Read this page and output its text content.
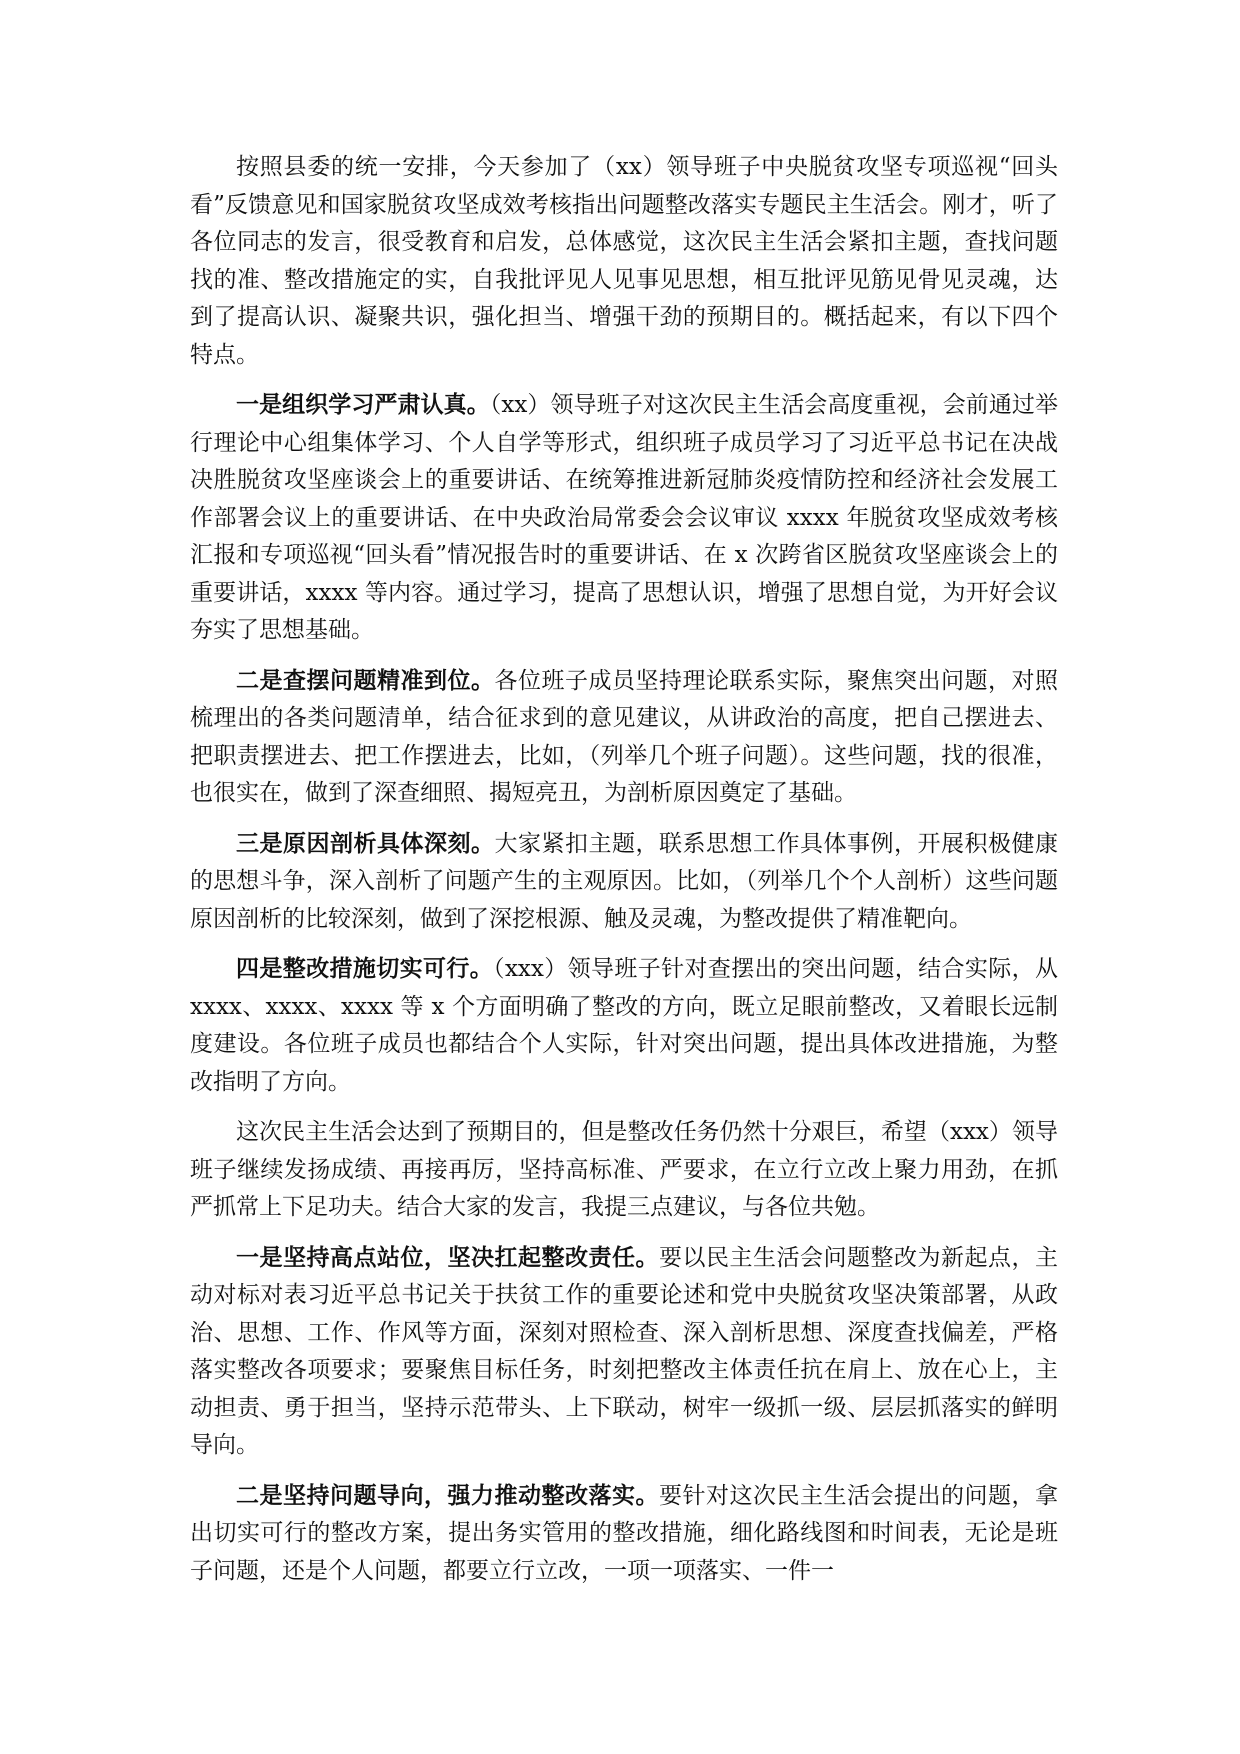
按照县委的统一安排，今天参加了（xx）领导班子中央脱贫攻坚专项巡视“回头看”反馈意见和国家脱贫攻坚成效考核指出问题整改落实专题民主生活会。刚才，听了各位同志的发言，很受教育和启发，总体感觉，这次民主生活会紧扣主题，查找问题找的准、整改措施定的实，自我批评见人见事见思想，相互批评见筋见骨见灵魂，达到了提高认识、凝聚共识，强化担当、增强干劲的预期目的。概括起来，有以下四个特点。

一是组织学习严肃认真。（xx）领导班子对这次民主生活会高度重视，会前通过举行理论中心组集体学习、个人自学等形式，组织班子成员学习了习近平总书记在决战决胜脱贫攻坚座谈会上的重要讲话、在统筹推进新冠肺炎疫情防控和经济社会发展工作部署会议上的重要讲话、在中央政治局常委会会议审议 xxxx 年脱贫攻坚成效考核汇报和专项巡视“回头看”情况报告时的重要讲话、在 x 次跨省区脱贫攻坚座谈会上的重要讲话，xxxx 等内容。通过学习，提高了思想认识，增强了思想自觉，为开好会议夯实了思想基础。

二是查摆问题精准到位。各位班子成员坚持理论联系实际，聚焦突出问题，对照梳理出的各类问题清单，结合征求到的意见建议，从讲政治的高度，把自己摆进去、把职责摆进去、把工作摆进去，比如，（列举几个班子问题）。这些问题，找的很准，也很实在，做到了深查细照、揭短亮丑，为剖析原因奠定了基础。

三是原因剖析具体深刻。大家紧扣主题，联系思想工作具体事例，开展积极健康的思想斗争，深入剖析了问题产生的主观原因。比如，（列举几个个人剖析）这些问题原因剖析的比较深刻，做到了深挖根源、触及灵魂，为整改提供了精准靶向。

四是整改措施切实可行。（xxx）领导班子针对查摆出的突出问题，结合实际，从 xxxx、xxxx、xxxx 等 x 个方面明确了整改的方向，既立足眼前整改，又着眼长远制度建设。各位班子成员也都结合个人实际，针对突出问题，提出具体改进措施，为整改指明了方向。

这次民主生活会达到了预期目的，但是整改任务仍然十分艰巨，希望（xxx）领导班子继续发扬成绩、再接再厉，坚持高标准、严要求，在立行立改上聚力用劲，在抓严抓常上下足功夫。结合大家的发言，我提三点建议，与各位共勉。

一是坚持高点站位，坚决扛起整改责任。要以民主生活会问题整改为新起点，主动对标对表习近平总书记关于扶贫工作的重要论述和党中央脱贫攻坚决策部署，从政治、思想、工作、作风等方面，深刻对照检查、深入剖析思想、深度查找偏差，严格落实整改各项要求；要聚焦目标任务，时刻把整改主体责任抗在肩上、放在心上，主动担责、勇于担当，坚持示范带头、上下联动，树牢一级抓一级、层层抓落实的鲜明导向。

二是坚持问题导向，强力推动整改落实。要针对这次民主生活会提出的问题，拿出切实可行的整改方案，提出务实管用的整改措施，细化路线图和时间表，无论是班子问题，还是个人问题，都要立行立改，一项一项落实、一件一
